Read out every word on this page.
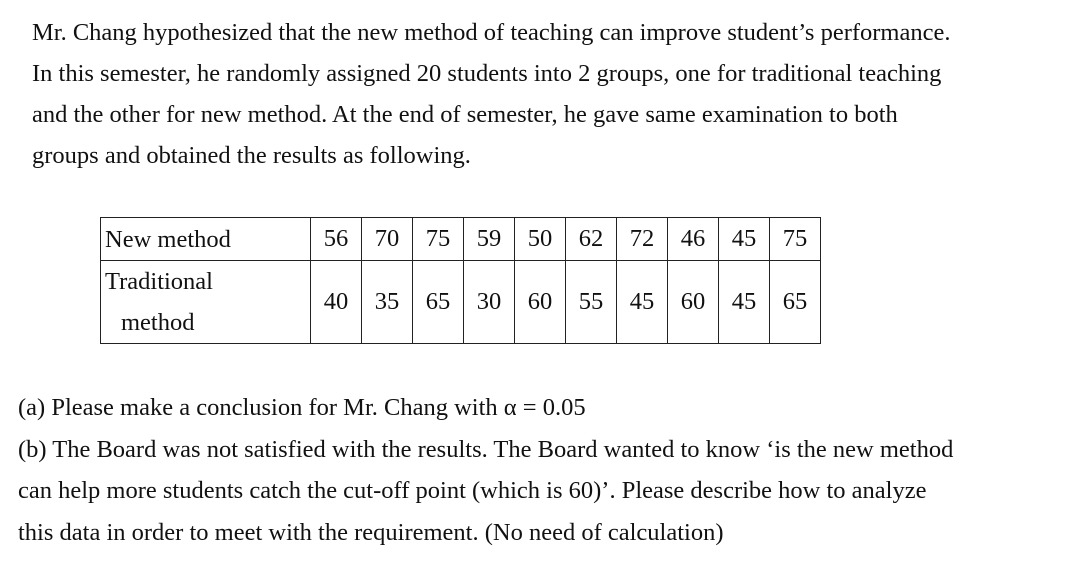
Mr. Chang hypothesized that the new method of teaching can improve student’s performance.
In this semester, he randomly assigned 20 students into 2 groups, one for traditional teaching
and the other for new method. At the end of semester, he gave same examination to both
groups and obtained the results as following.
New method	56	70	75	59	50	62	72	46	45	75
Traditional
method	40	35	65	30	60	55	45	60	45	65
(a) Please make a conclusion for Mr. Chang with α = 0.05
(b) The Board was not satisfied with the results. The Board wanted to know ‘is the new method
can help more students catch the cut-off point (which is 60)’. Please describe how to analyze
this data in order to meet with the requirement. (No need of calculation)
